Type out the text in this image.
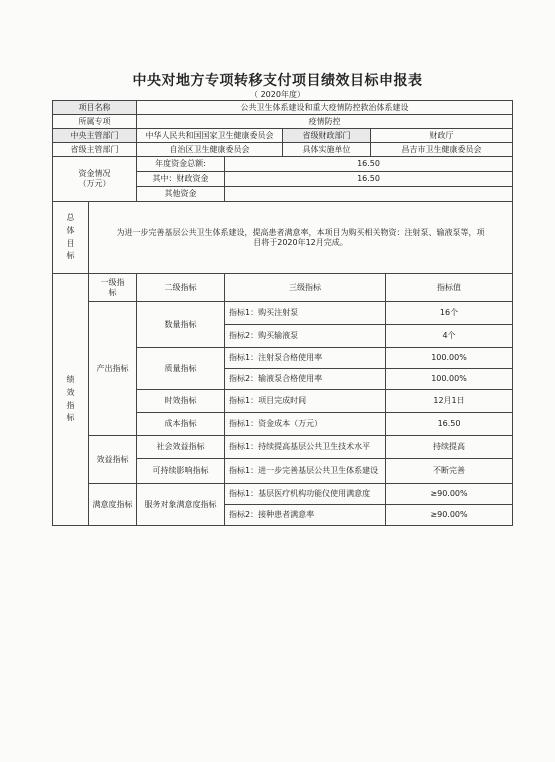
中央对地方专项转移支付项目绩效目标申报表
（ 2020年度）
项目名称		公共卫生体系建设和重大疫情防控救治体系建设				
所属专项		疫情防控				
中央主管部门		中华人民共和国国家卫生健康委员会		省级财政部门	财政厅	
省级主管部门		自治区卫生健康委员会		具体实施单位	昌吉市卫生健康委员会	
资金情况
（万元）		年度资金总额:	16.50			
		其中：财政资金	16.50			
		其他资金				

总体目标	为进一步完善基层公共卫生体系建设，提高患者满意率，本项目为购买相关物资：注射泵、输液泵等，项目将于2020年12月完成。					

绩效指标	一级指标	二级指标	三级指标			指标值
	产出指标	数量指标	指标1：购买注射泵			16个
			指标2：购买输液泵			4个
		质量指标	指标1：注射泵合格使用率			100.00%
			指标2：输液泵合格使用率			100.00%
		时效指标	指标1：项目完成时间			12月1日
		成本指标	指标1：资金成本（万元）			16.50
	效益指标	社会效益指标	指标1：持续提高基层公共卫生技术水平			持续提高

		可持续影响指标	指标1：进一步完善基层公共卫生体系建设			不断完善
	满意度指标	服务对象满意度指标	指标1：基层医疗机构功能仪使用满意度			≥90.00%
			指标2：接种患者满意率			≥90.00%
